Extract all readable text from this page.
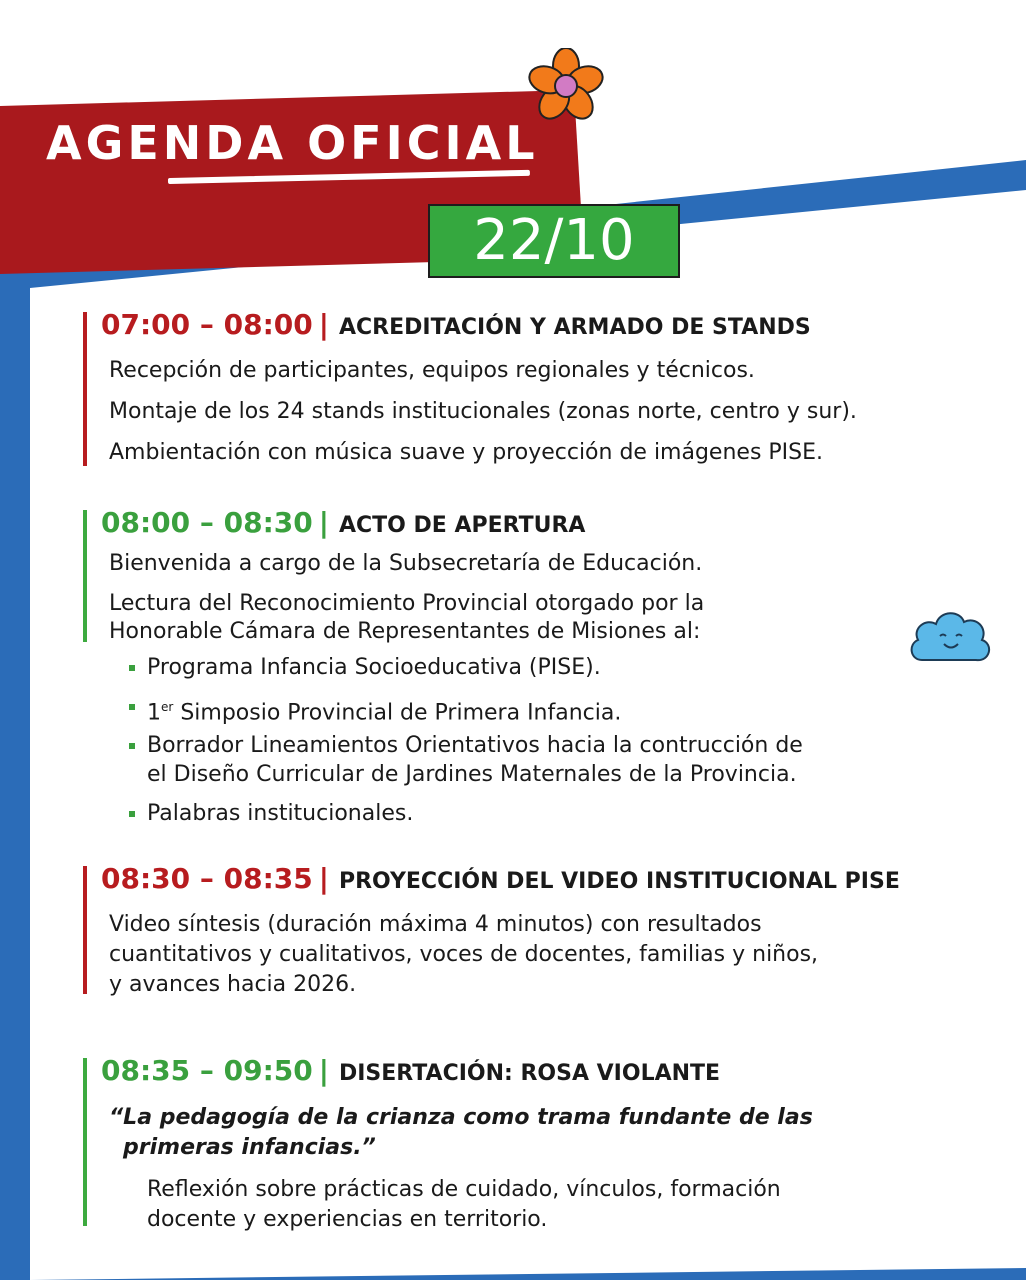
AGENDA OFICIAL
22/10
07:00 – 08:00 | ACREDITACIÓN Y ARMADO DE STANDS

Recepción de participantes, equipos regionales y técnicos.

Montaje de los 24 stands institucionales (zonas norte, centro y sur).

Ambientación con música suave y proyección de imágenes PISE.

08:00 – 08:30 | ACTO DE APERTURA

Bienvenida a cargo de la Subsecretaría de Educación.

Lectura del Reconocimiento Provincial otorgado por la

Honorable Cámara de Representantes de Misiones al:

Programa Infancia Socioeducativa (PISE).
1er Simposio Provincial de Primera Infancia.
Borrador Lineamientos Orientativos hacia la contrucción de
el Diseño Curricular de Jardines Maternales de la Provincia.
Palabras institucionales.
08:30 – 08:35 | PROYECCIÓN DEL VIDEO INSTITUCIONAL PISE

Video síntesis (duración máxima 4 minutos) con resultados

cuantitativos y cualitativos, voces de docentes, familias y niños,

y avances hacia 2026.

08:35 – 09:50 | DISERTACIÓN: ROSA VIOLANTE

“La pedagogía de la crianza como trama fundante de las

primeras infancias.”

Reflexión sobre prácticas de cuidado, vínculos, formación

docente y experiencias en territorio.
